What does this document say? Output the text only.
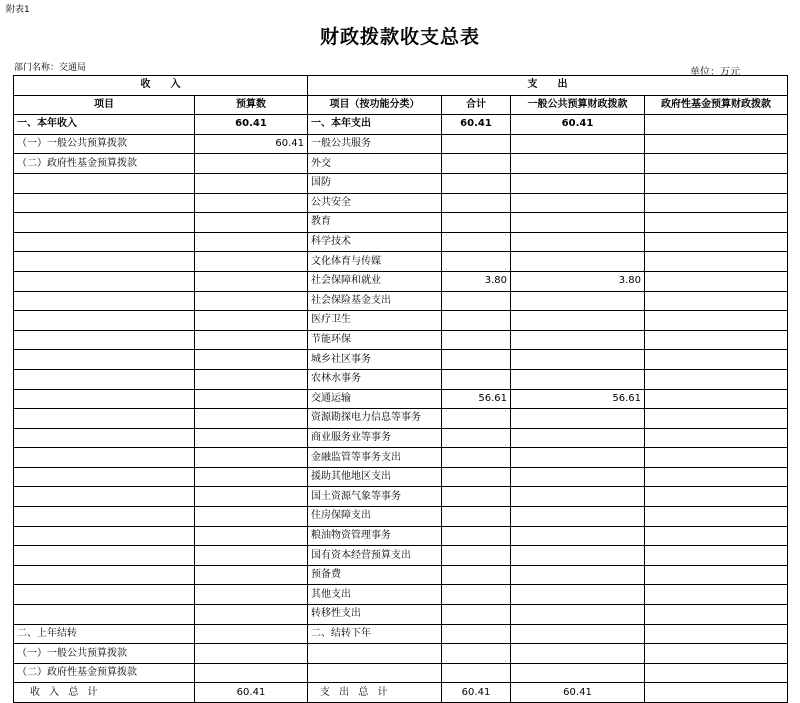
附表1
财政拨款收支总表
部门名称：交通局	单位：万元
收　　入		支　　出			
项目	预算数	项目（按功能分类）	合计	一般公共预算财政拨款	政府性基金预算财政拨款
一、本年收入	60.41	一、本年支出	60.41	60.41	
（一）一般公共预算拨款	60.41	一般公共服务			
（二）政府性基金预算拨款		外交			
		国防			
		公共安全			
		教育			
		科学技术			
		文化体育与传媒			
		社会保障和就业	3.80	3.80	
		社会保险基金支出			
		医疗卫生			
		节能环保			
		城乡社区事务			
		农林水事务			
		交通运输	56.61	56.61	
		资源勘探电力信息等事务			
		商业服务业等事务			
		金融监管等事务支出			
		援助其他地区支出			
		国土资源气象等事务			
		住房保障支出			
		粮油物资管理事务			
		国有资本经营预算支出			
		预备费			
		其他支出			
		转移性支出			
二、上年结转		二、结转下年			
（一）一般公共预算拨款					
（二）政府性基金预算拨款					
收 入 总 计	60.41	支 出 总 计	60.41	60.41	
